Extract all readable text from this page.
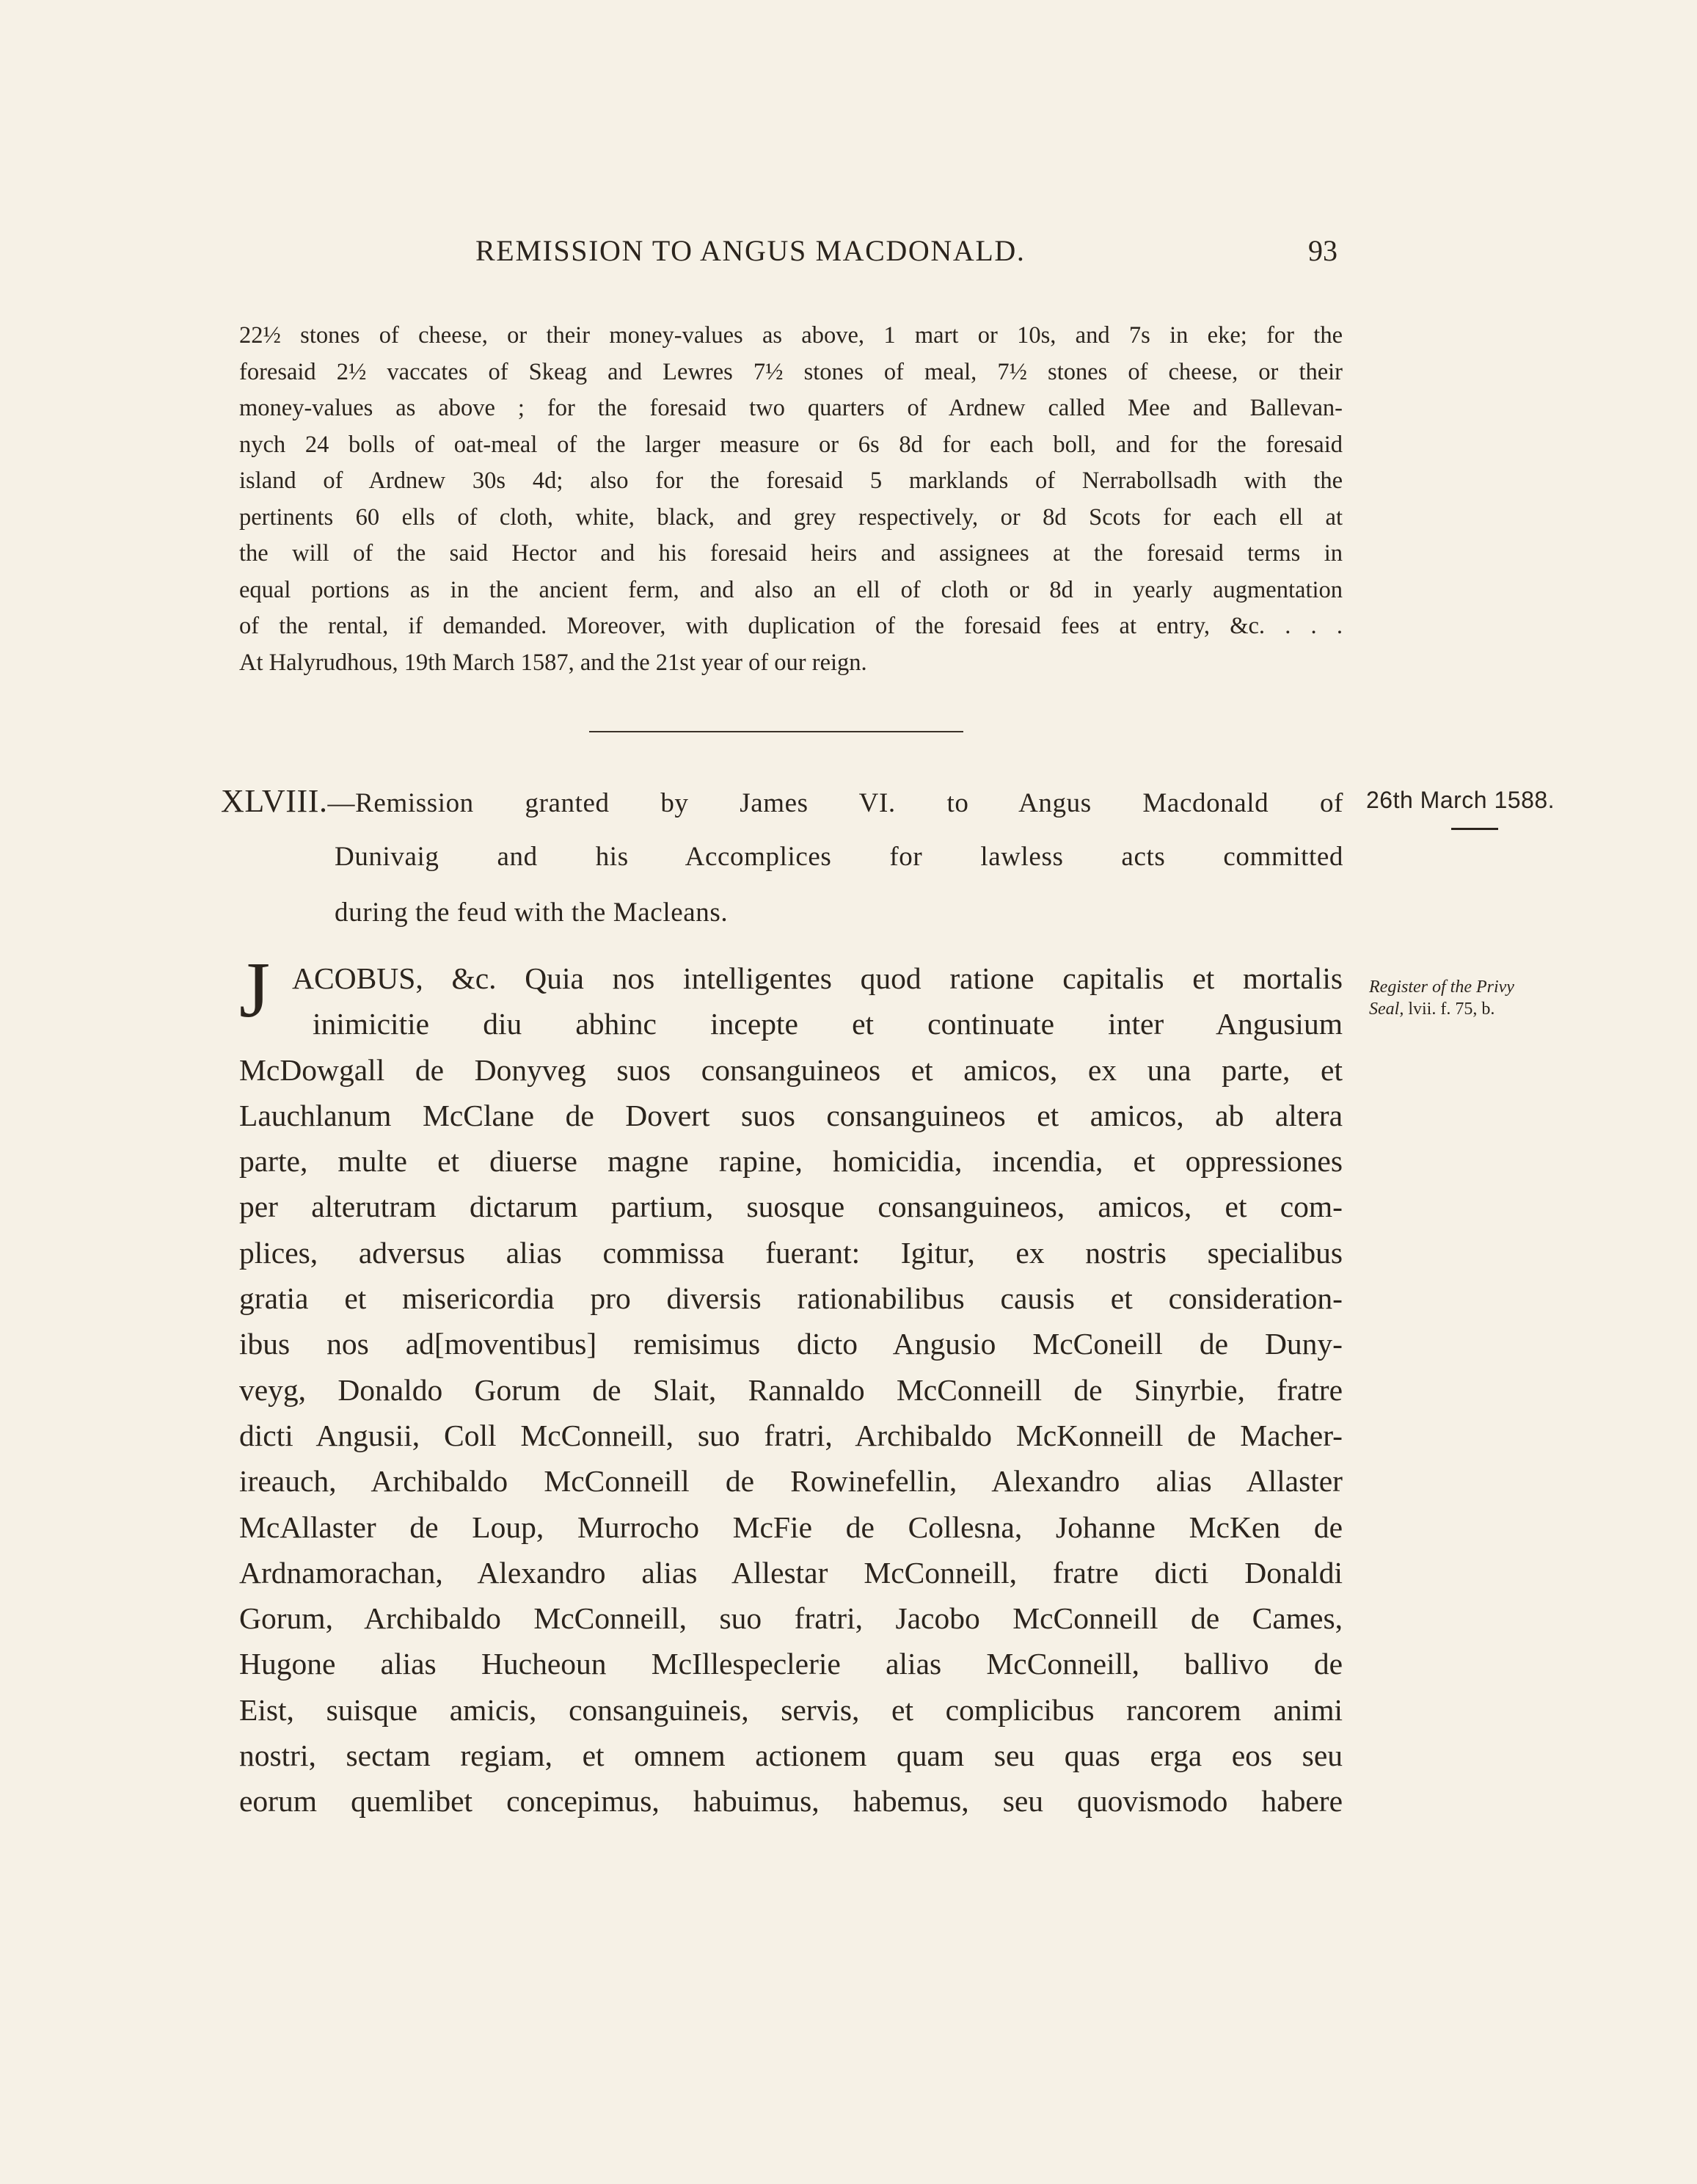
REMISSION TO ANGUS MACDONALD.	93
22½ stones of cheese, or their money-values as above, 1 mart or 10s, and 7s in eke; for the
foresaid 2½ vaccates of Skeag and Lewres 7½ stones of meal, 7½ stones of cheese, or their
money-values as above ; for the foresaid two quarters of Ardnew called Mee and Ballevan-
nych 24 bolls of oat-meal of the larger measure or 6s 8d for each boll, and for the foresaid
island of Ardnew 30s 4d; also for the foresaid 5 marklands of Nerrabollsadh with the
pertinents 60 ells of cloth, white, black, and grey respectively, or 8d Scots for each ell at
the will of the said Hector and his foresaid heirs and assignees at the foresaid terms in
equal portions as in the ancient ferm, and also an ell of cloth or 8d in yearly augmentation
of the rental, if demanded. Moreover, with duplication of the foresaid fees at entry, &c. . . .
At Halyrudhous, 19th March 1587, and the 21st year of our reign.
XLVIII.—Remission granted by James VI. to Angus Macdonald of
Dunivaig and his Accomplices for lawless acts committed
during the feud with the Macleans.
26th March 1588.
Register of the Privy
Seal, lvii. f. 75, b.
J ACOBUS, &c. Quia nos intelligentes quod ratione capitalis et mortalis
inimicitie diu abhinc incepte et continuate inter Angusium
McDowgall de Donyveg suos consanguineos et amicos, ex una parte, et
Lauchlanum McClane de Dovert suos consanguineos et amicos, ab altera
parte, multe et diuerse magne rapine, homicidia, incendia, et oppressiones
per alterutram dictarum partium, suosque consanguineos, amicos, et com-
plices, adversus alias commissa fuerant: Igitur, ex nostris specialibus
gratia et misericordia pro diversis rationabilibus causis et consideration-
ibus nos ad[moventibus] remisimus dicto Angusio McConeill de Duny-
veyg, Donaldo Gorum de Slait, Rannaldo McConneill de Sinyrbie, fratre
dicti Angusii, Coll McConneill, suo fratri, Archibaldo McKonneill de Macher-
ireauch, Archibaldo McConneill de Rowinefellin, Alexandro alias Allaster
McAllaster de Loup, Murrocho McFie de Collesna, Johanne McKen de
Ardnamorachan, Alexandro alias Allestar McConneill, fratre dicti Donaldi
Gorum, Archibaldo McConneill, suo fratri, Jacobo McConneill de Cames,
Hugone alias Hucheoun McIllespeclerie alias McConneill, ballivo de
Eist, suisque amicis, consanguineis, servis, et complicibus rancorem animi
nostri, sectam regiam, et omnem actionem quam seu quas erga eos seu
eorum quemlibet concepimus, habuimus, habemus, seu quovismodo habere
